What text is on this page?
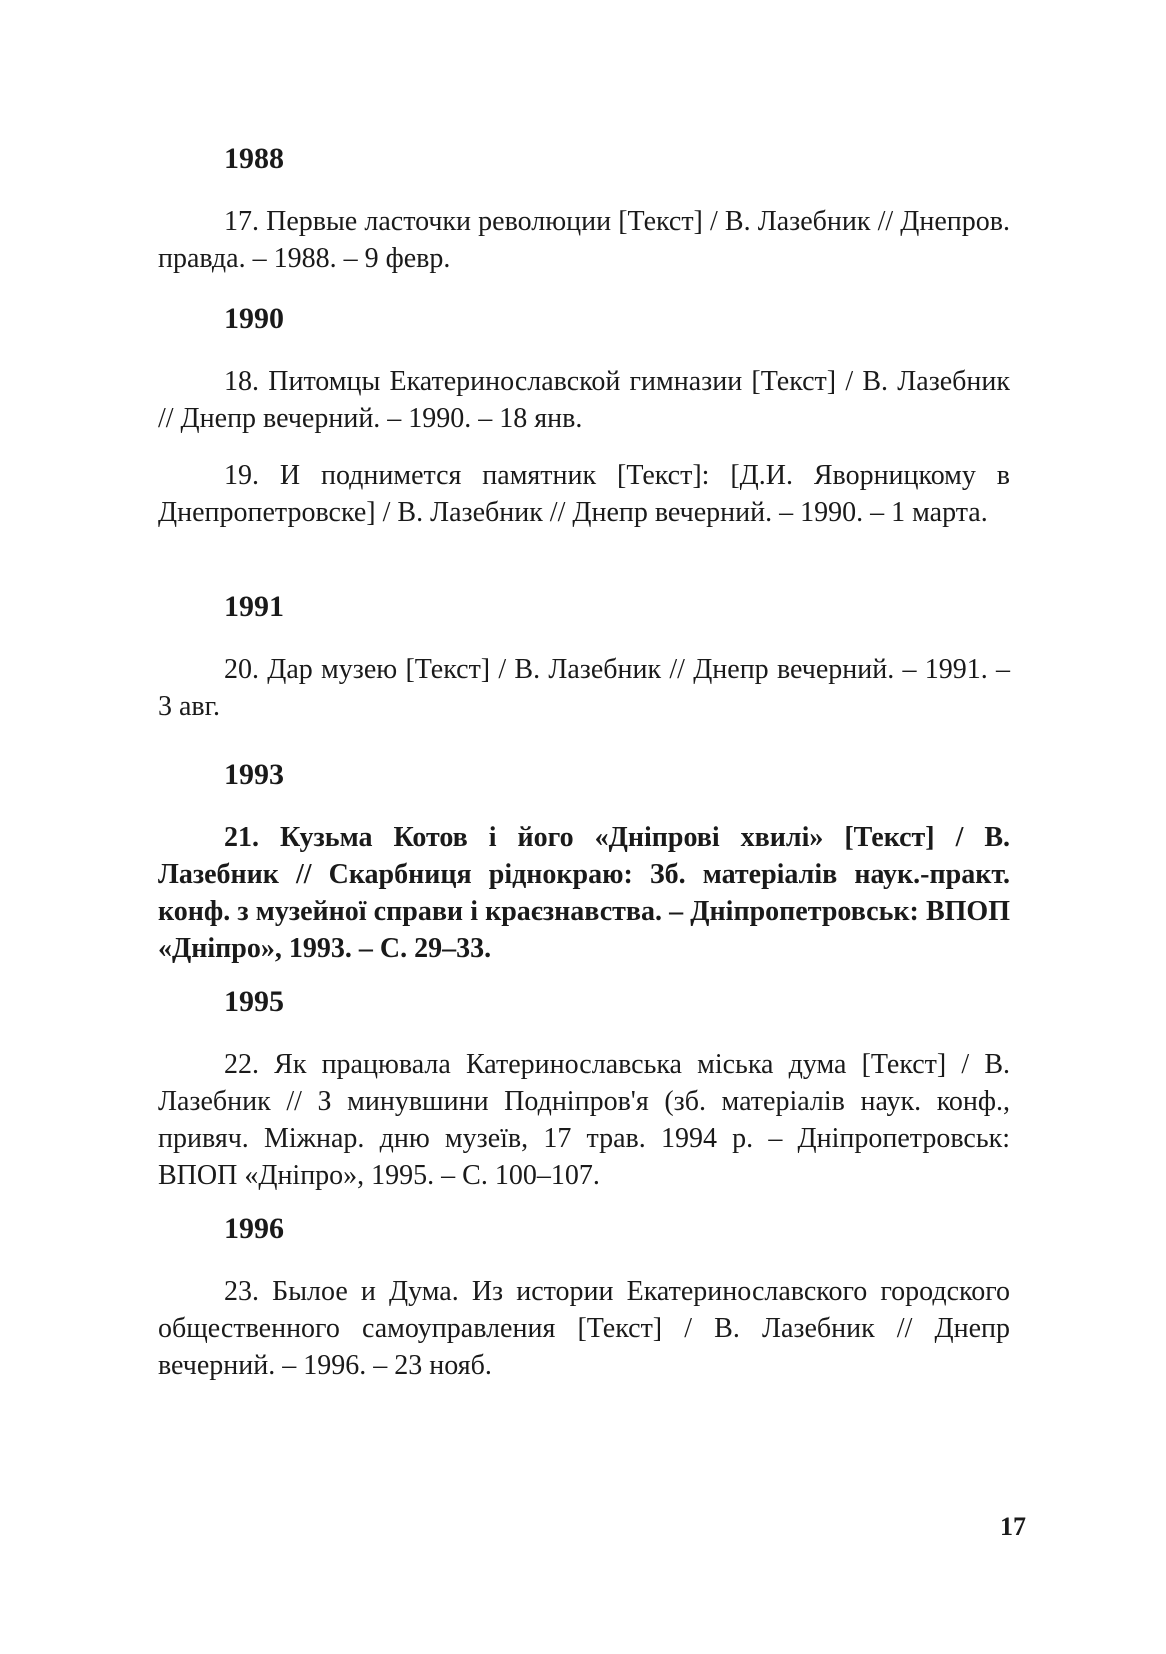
1988

17. Первые ласточки революции [Текст] / В. Лазебник // Днепров. правда. – 1988. – 9 февр.

1990

18. Питомцы Екатеринославской гимназии [Текст] / В. Лазебник // Днепр вечерний. – 1990. – 18 янв.

19. И поднимется памятник [Текст]: [Д.И. Яворницкому в Днепропетровске] / В. Лазебник // Днепр вечерний. – 1990. – 1 марта.

1991

20. Дар музею [Текст] / В. Лазебник // Днепр вечерний. – 1991. – 3 авг.

1993

21. Кузьма Котов і його «Дніпрові хвилі» [Текст] / В. Лазебник // Скарбниця ріднокраю: Зб. матеріалів наук.-практ. конф. з музейної справи і краєзнавства. – Дніпропетровськ: ВПОП «Дніпро», 1993. – С. 29–33.

1995

22. Як працювала Катеринославська міська дума [Текст] / В. Лазебник // З минувшини Подніпров'я (зб. матеріалів наук. конф., привяч. Міжнар. дню музеїв, 17 трав. 1994 р. – Дніпропетровськ: ВПОП «Дніпро», 1995. – С. 100–107.

1996

23. Былое и Дума. Из истории Екатеринославского городского общественного самоуправления [Текст] / В. Лазебник // Днепр вечерний. – 1996. – 23 нояб.

17
